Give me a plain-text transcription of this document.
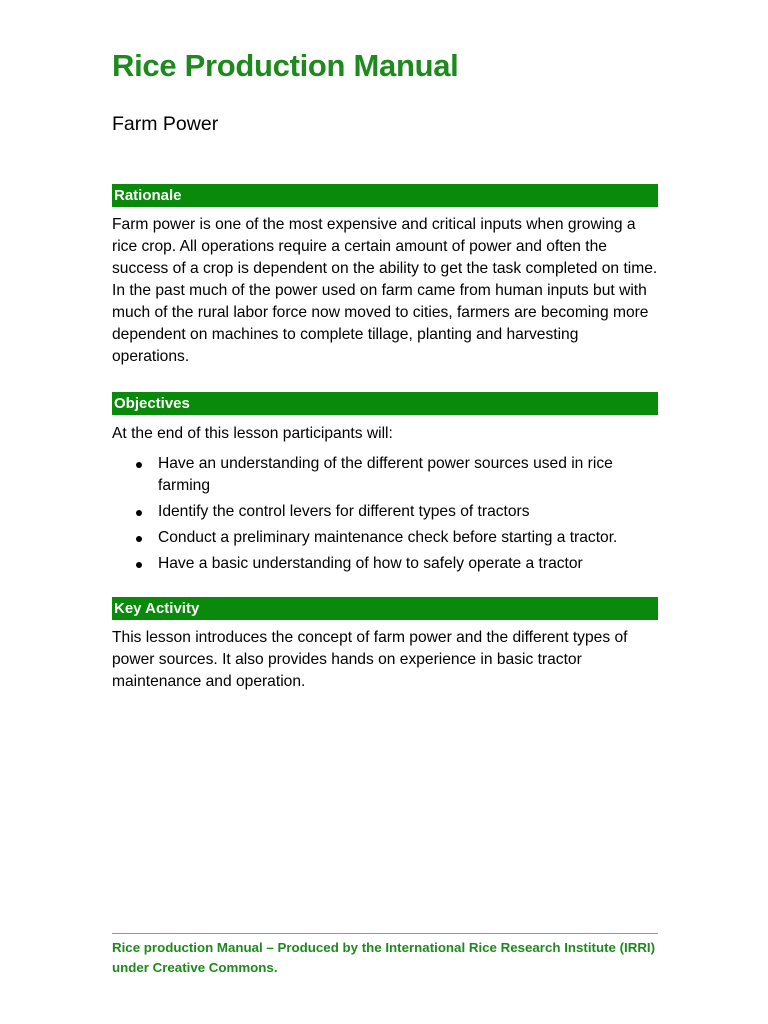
Rice Production Manual
Farm Power
Rationale

Farm power is one of the most expensive and critical inputs when growing a rice crop. All operations require a certain amount of power and often the success of a crop is dependent on the ability to get the task completed on time. In the past much of the power used on farm came from human inputs but with much of the rural labor force now moved to cities, farmers are becoming more dependent on machines to complete tillage, planting and harvesting operations.

Objectives

At the end of this lesson participants will:

Have an understanding of the different power sources used in rice farming
Identify the control levers for different types of tractors
Conduct a preliminary maintenance check before starting a tractor.
Have a basic understanding of how to safely operate a tractor
Key Activity

This lesson introduces the concept of farm power and the different types of power sources. It also provides hands on experience in basic tractor maintenance and operation.

Rice production Manual – Produced by the International Rice Research Institute (IRRI) under Creative Commons.
